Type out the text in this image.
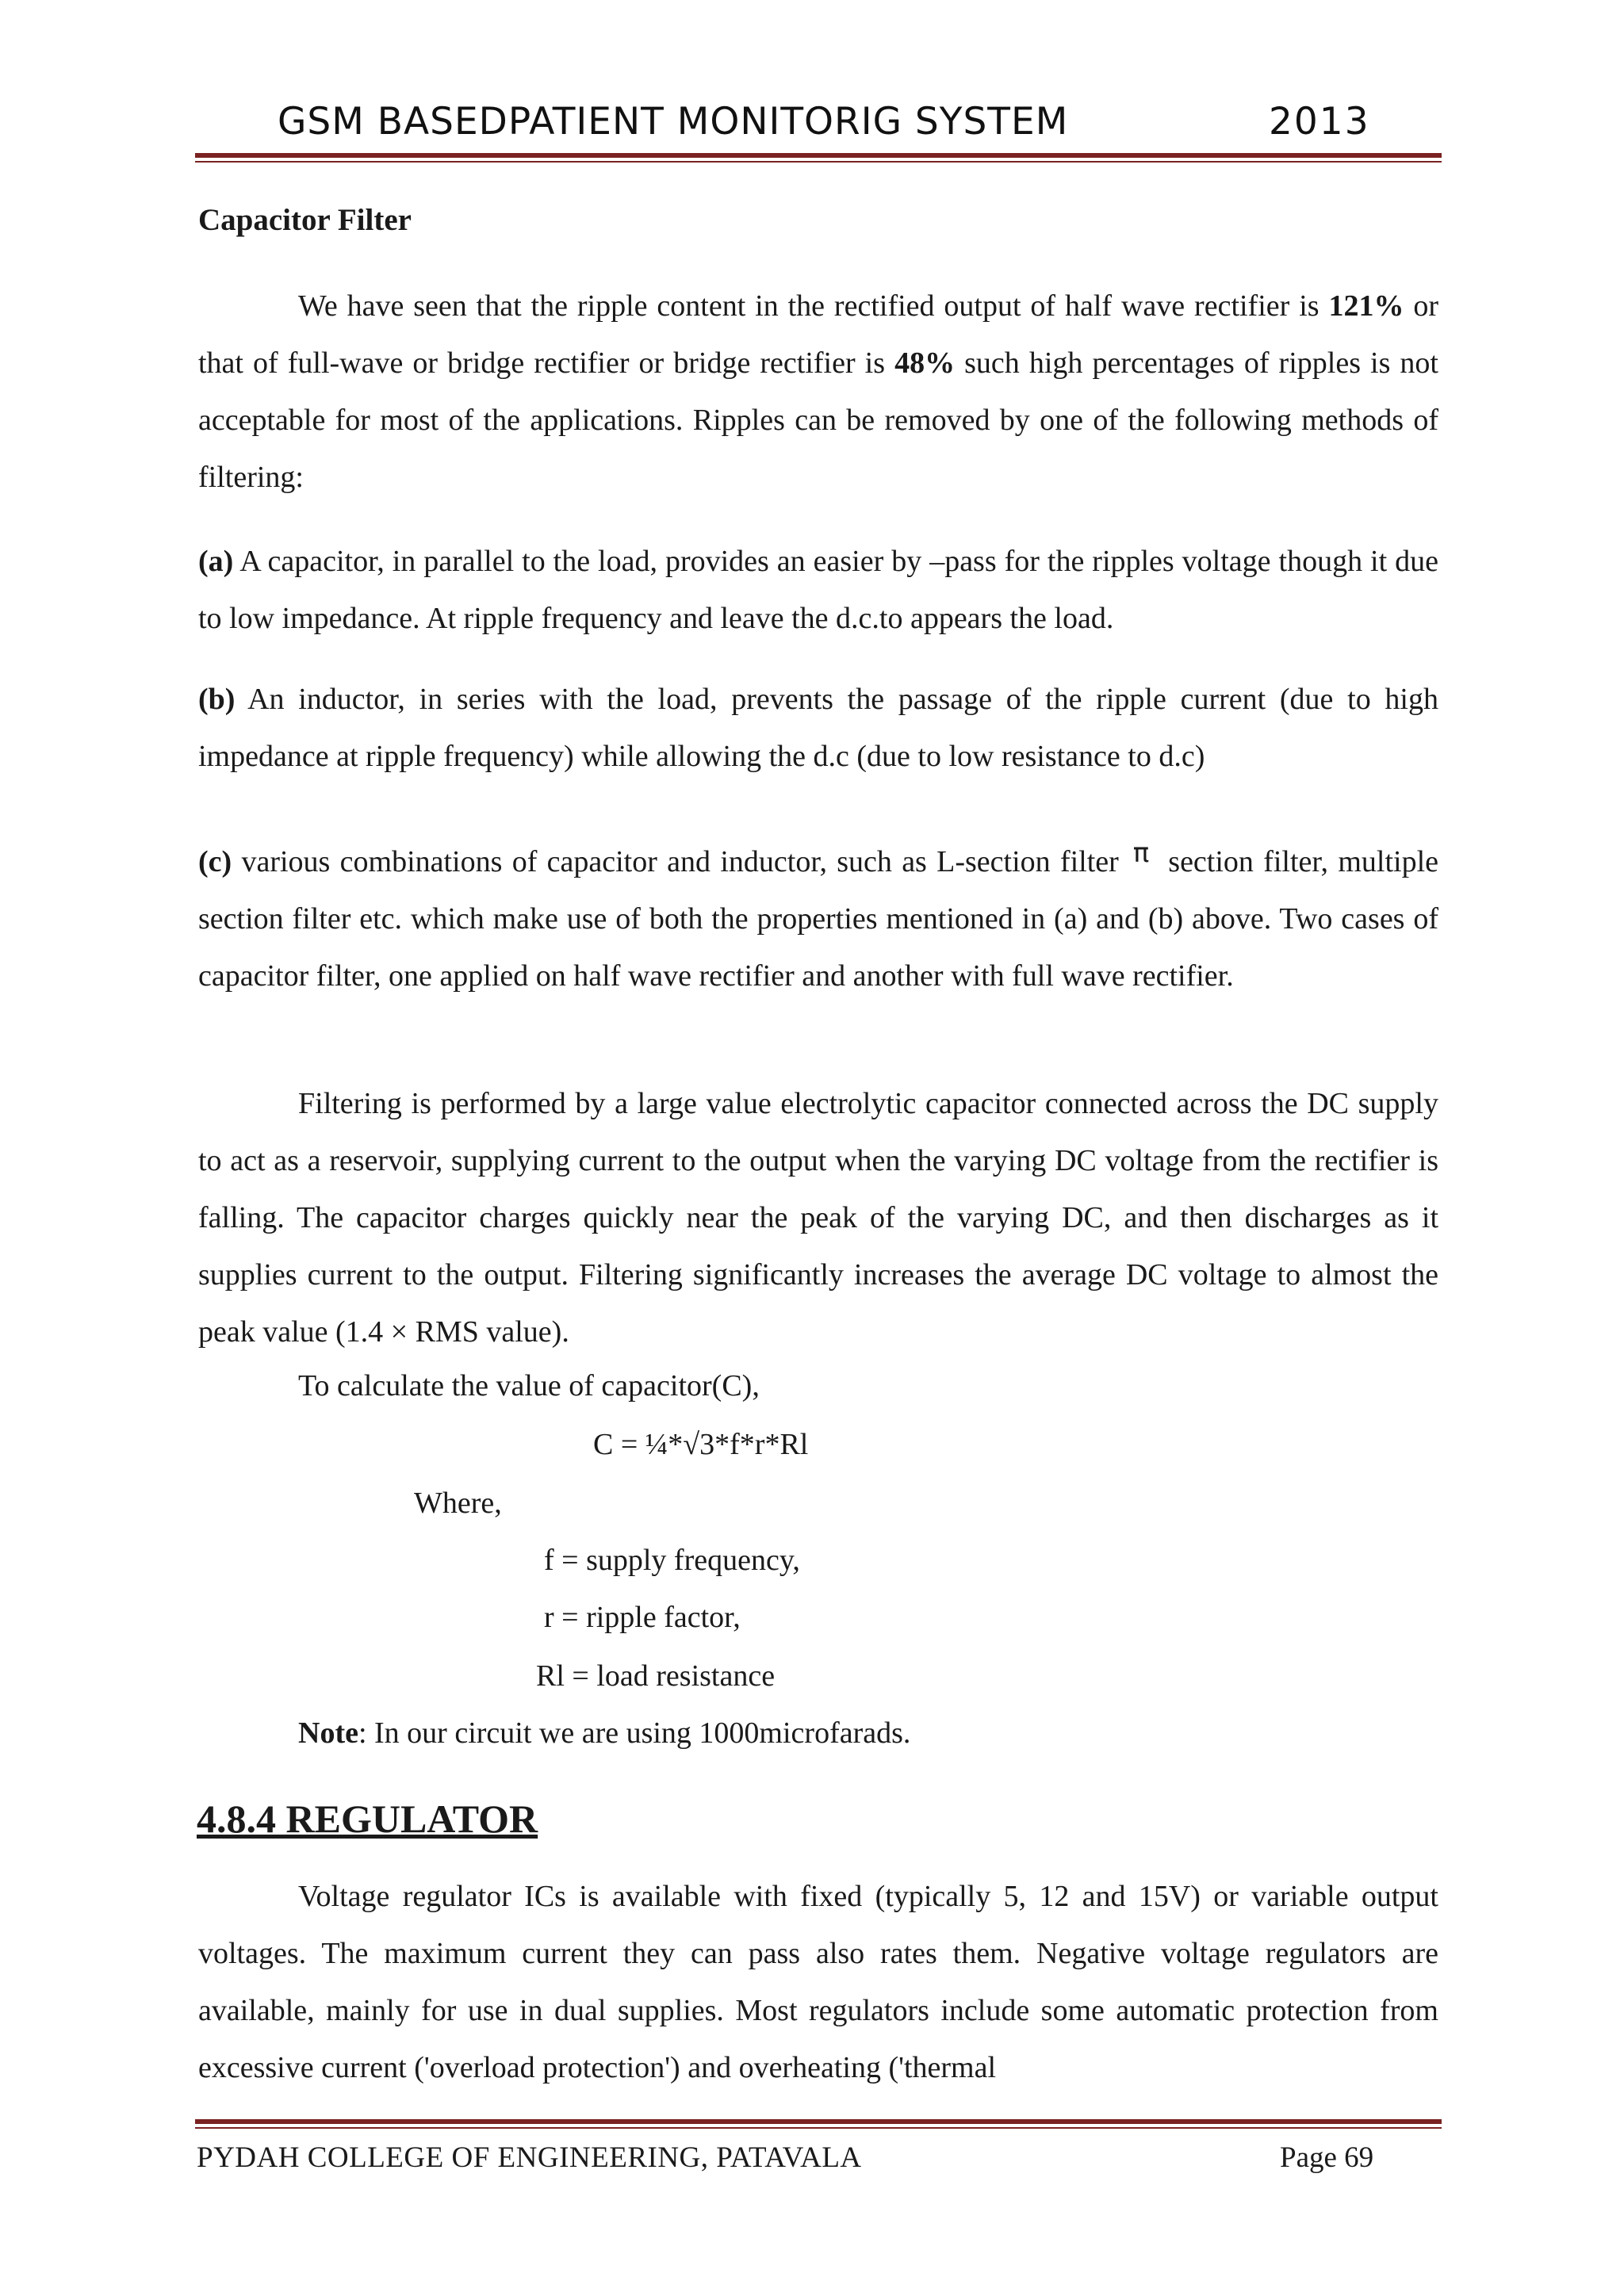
GSM BASEDPATIENT MONITORIG SYSTEM	2013
Capacitor Filter
We have seen that the ripple content in the rectified output of half wave rectifier is 121% or that of full-wave or bridge rectifier or bridge rectifier is 48% such high percentages of ripples is not acceptable for most of the applications. Ripples can be removed by one of the following methods of filtering:
(a) A capacitor, in parallel to the load, provides an easier by –pass for the ripples voltage though it due to low impedance. At ripple frequency and leave the d.c.to appears the load.
(b) An inductor, in series with the load, prevents the passage of the ripple current (due to high impedance at ripple frequency) while allowing the d.c (due to low resistance to d.c)
(c) various combinations of capacitor and inductor, such as L-section filter π section filter, multiple section filter etc. which make use of both the properties mentioned in (a) and (b) above. Two cases of capacitor filter, one applied on half wave rectifier and another with full wave rectifier.
Filtering is performed by a large value electrolytic capacitor connected across the DC supply to act as a reservoir, supplying current to the output when the varying DC voltage from the rectifier is falling. The capacitor charges quickly near the peak of the varying DC, and then discharges as it supplies current to the output. Filtering significantly increases the average DC voltage to almost the peak value (1.4 × RMS value).
To calculate the value of capacitor(C),
C = ¼*√3*f*r*Rl
Where,
f = supply frequency,
r = ripple factor,
Rl = load resistance
Note: In our circuit we are using 1000microfarads.
4.8.4 REGULATOR
Voltage regulator ICs is available with fixed (typically 5, 12 and 15V) or variable output voltages. The maximum current they can pass also rates them. Negative voltage regulators are available, mainly for use in dual supplies. Most regulators include some automatic protection from excessive current ('overload protection') and overheating ('thermal
PYDAH COLLEGE OF ENGINEERING, PATAVALA	Page 69
